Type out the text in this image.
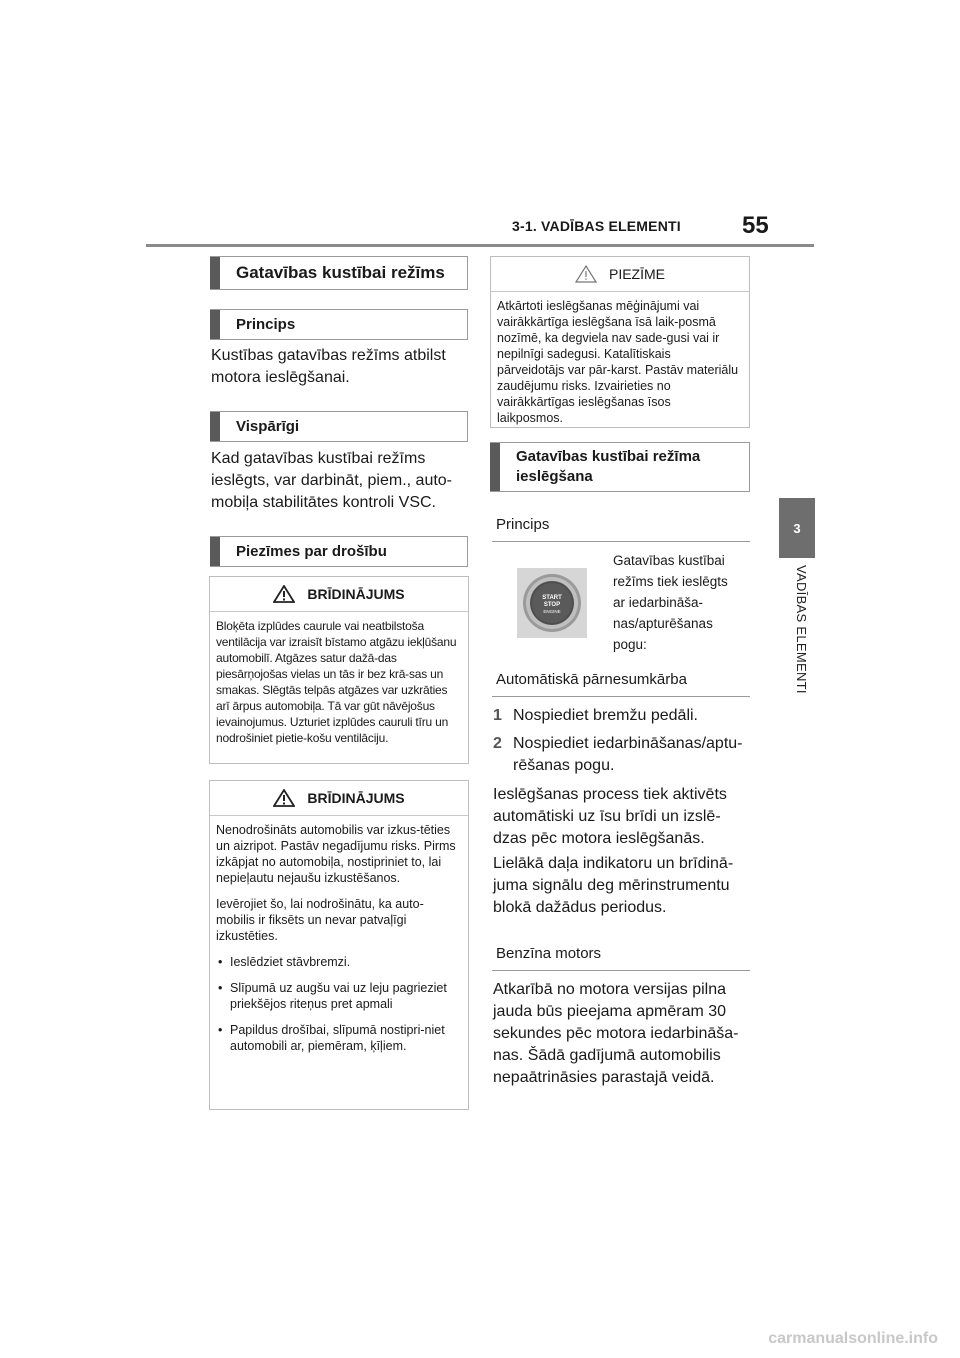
3-1. VADĪBAS ELEMENTI	55
3
VADĪBAS ELEMENTI
Gatavības kustībai režīms
Princips
Kustības gatavības režīms atbilst motora ieslēgšanai.
Vispārīgi
Kad gatavības kustībai režīms ieslēgts, var darbināt, piem., auto-mobiļa stabilitātes kontroli VSC.
Piezīmes par drošību
BRĪDINĀJUMS
Bloķēta izplūdes caurule vai neatbilstoša ventilācija var izraisīt bīstamo atgāzu iekļūšanu automobilī. Atgāzes satur dažā-das piesārņojošas vielas un tās ir bez krā-sas un smakas. Slēgtās telpās atgāzes var uzkrāties arī ārpus automobiļa. Tā var gūt nāvējošus ievainojumus. Uzturiet izplūdes cauruli tīru un nodrošiniet pietie-košu ventilāciju.
BRĪDINĀJUMS

Nenodrošināts automobilis var izkus-tēties un aizripot. Pastāv negadījumu risks. Pirms izkāpjat no automobiļa, nostipriniet to, lai nepieļautu nejaušu izkustēšanos.

Ievērojiet šo, lai nodrošinātu, ka auto-mobilis ir fiksēts un nevar patvaļīgi izkustēties.

• Ieslēdziet stāvbremzi.
• Slīpumā uz augšu vai uz leju pagrieziet priekšējos riteņus pret apmali
• Papildus drošībai, slīpumā nostipri-niet automobili ar, piemēram, ķīļiem.
PIEZĪME
Atkārtoti ieslēgšanas mēģinājumi vai vairākkārtīga ieslēgšana īsā laik-posmā nozīmē, ka degviela nav sade-gusi vai ir nepilnīgi sadegusi. Katalītiskais pārveidotājs var pār-karst. Pastāv materiālu zaudējumu risks. Izvairieties no vairākkārtīgas ieslēgšanas īsos laikposmos.
Gatavības kustībai režīma ieslēgšana
Princips
START
STOP
ENGINE
Gatavības kustībai režīms tiek ieslēgts ar iedarbināša-nas/apturēšanas pogu:
Automātiskā pārnesumkārba
1 Nospiediet bremžu pedāli.
2 Nospiediet iedarbināšanas/aptu-rēšanas pogu.
Ieslēgšanas process tiek aktivēts automātiski uz īsu brīdi un izslē-dzas pēc motora ieslēgšanās.
Lielākā daļa indikatoru un brīdinā-juma signālu deg mērinstrumentu blokā dažādus periodus.
Benzīna motors
Atkarībā no motora versijas pilna jauda būs pieejama apmēram 30 sekundes pēc motora iedarbināša-nas. Šādā gadījumā automobilis nepaātrināsies parastajā veidā.
carmanualsonline.info
